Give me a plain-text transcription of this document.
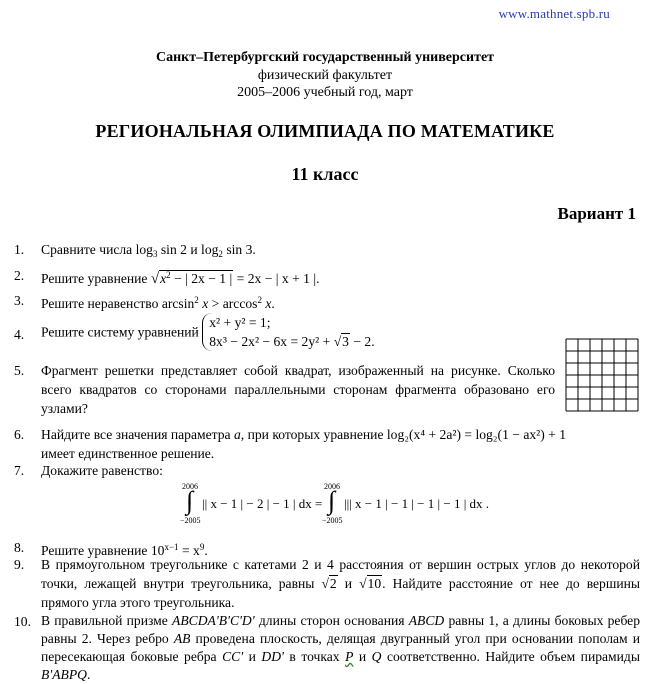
www.mathnet.spb.ru
Санкт–Петербургский государственный университет
физический факультет
2005–2006 учебный год, март
РЕГИОНАЛЬНАЯ ОЛИМПИАДА ПО МАТЕМАТИКЕ
11 класс
Вариант 1
1.	Сравните числа $\log_3 \sin 2$ и $\log_2 \sin 3$.
2.	Решите уравнение $√x^2$ − | 2x − 1 | = 2x − | x + 1 |.
3.	Решите неравенство $\arcsin^2 x > \arccos^2 x$.
4.	Решите систему уравнений
x² + y² = 1;
8x³ − 2x² − 6x = 2y² + √3 − 2.
5.	Фрагмент решетки представляет собой квадрат, изображенный на рисунке. Сколько всего квадратов со сторонами параллельными сторонам фрагмента образовано его узлами?
6.	Найдите все значения параметра a, при которых уравнение log₂(x⁴ + 2a²) = log₂(1 − ax²) + 1
имеет единственное решение.
7.	Докажите равенство:
2006
∫
−2005
|| x − 1 | − 2 | − 1 | dx =
2006
∫
−2005
||| x − 1 | − 1 | − 1 | − 1 | dx .
8.	Решите уравнение $10^{x-1} = x^9$.
9.	В прямоугольном треугольнике с катетами 2 и 4 расстояния от вершин острых углов до некоторой точки, лежащей внутри треугольника, равны √2 и √10. Найдите расстояние от нее до вершины прямого угла этого треугольника.
10. В правильной призме ABCDA'B'C'D' длины сторон основания ABCD равны 1, а длины боковых ребер равны 2. Через ребро AB проведена плоскость, делящая двугранный угол при основании пополам и пересекающая боковые ребра CC' и DD' в точках P и Q соответственно. Найдите объем пирамиды B'ABPQ.
